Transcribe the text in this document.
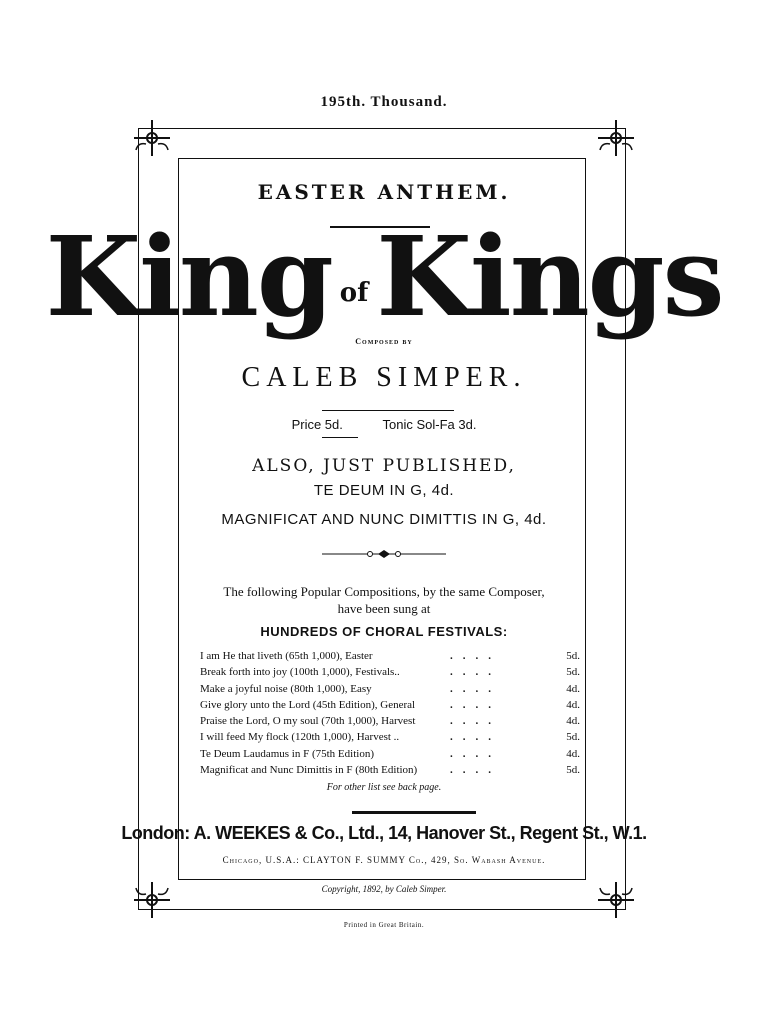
195th. Thousand.
EASTER ANTHEM.
King ofKings
Composed by
CALEB SIMPER.
Price 5d.	Tonic Sol-Fa 3d.
ALSO, JUST PUBLISHED,
TE DEUM IN G, 4d.
MAGNIFICAT AND NUNC DIMITTIS IN G, 4d.
The following Popular Compositions, by the same Composer,
have been sung at
HUNDREDS OF CHORAL FESTIVALS:
I am He that liveth (65th 1,000), Easter	....	5d.
Break forth into joy (100th 1,000), Festivals..	....	5d.
Make a joyful noise (80th 1,000), Easy	....	4d.
Give glory unto the Lord (45th Edition), General	....	4d.
Praise the Lord, O my soul (70th 1,000), Harvest	....	4d.
I will feed My flock (120th 1,000), Harvest ..	....	5d.
Te Deum Laudamus in F (75th Edition)	....	4d.
Magnificat and Nunc Dimittis in F (80th Edition)	....	5d.
For other list see back page.
London: A. WEEKES & Co., Ltd., 14, Hanover St., Regent St., W.1.
Chicago, U.S.A.: CLAYTON F. SUMMY Co., 429, So. Wabash Avenue.
Copyright, 1892, by Caleb Simper.
Printed in Great Britain.
